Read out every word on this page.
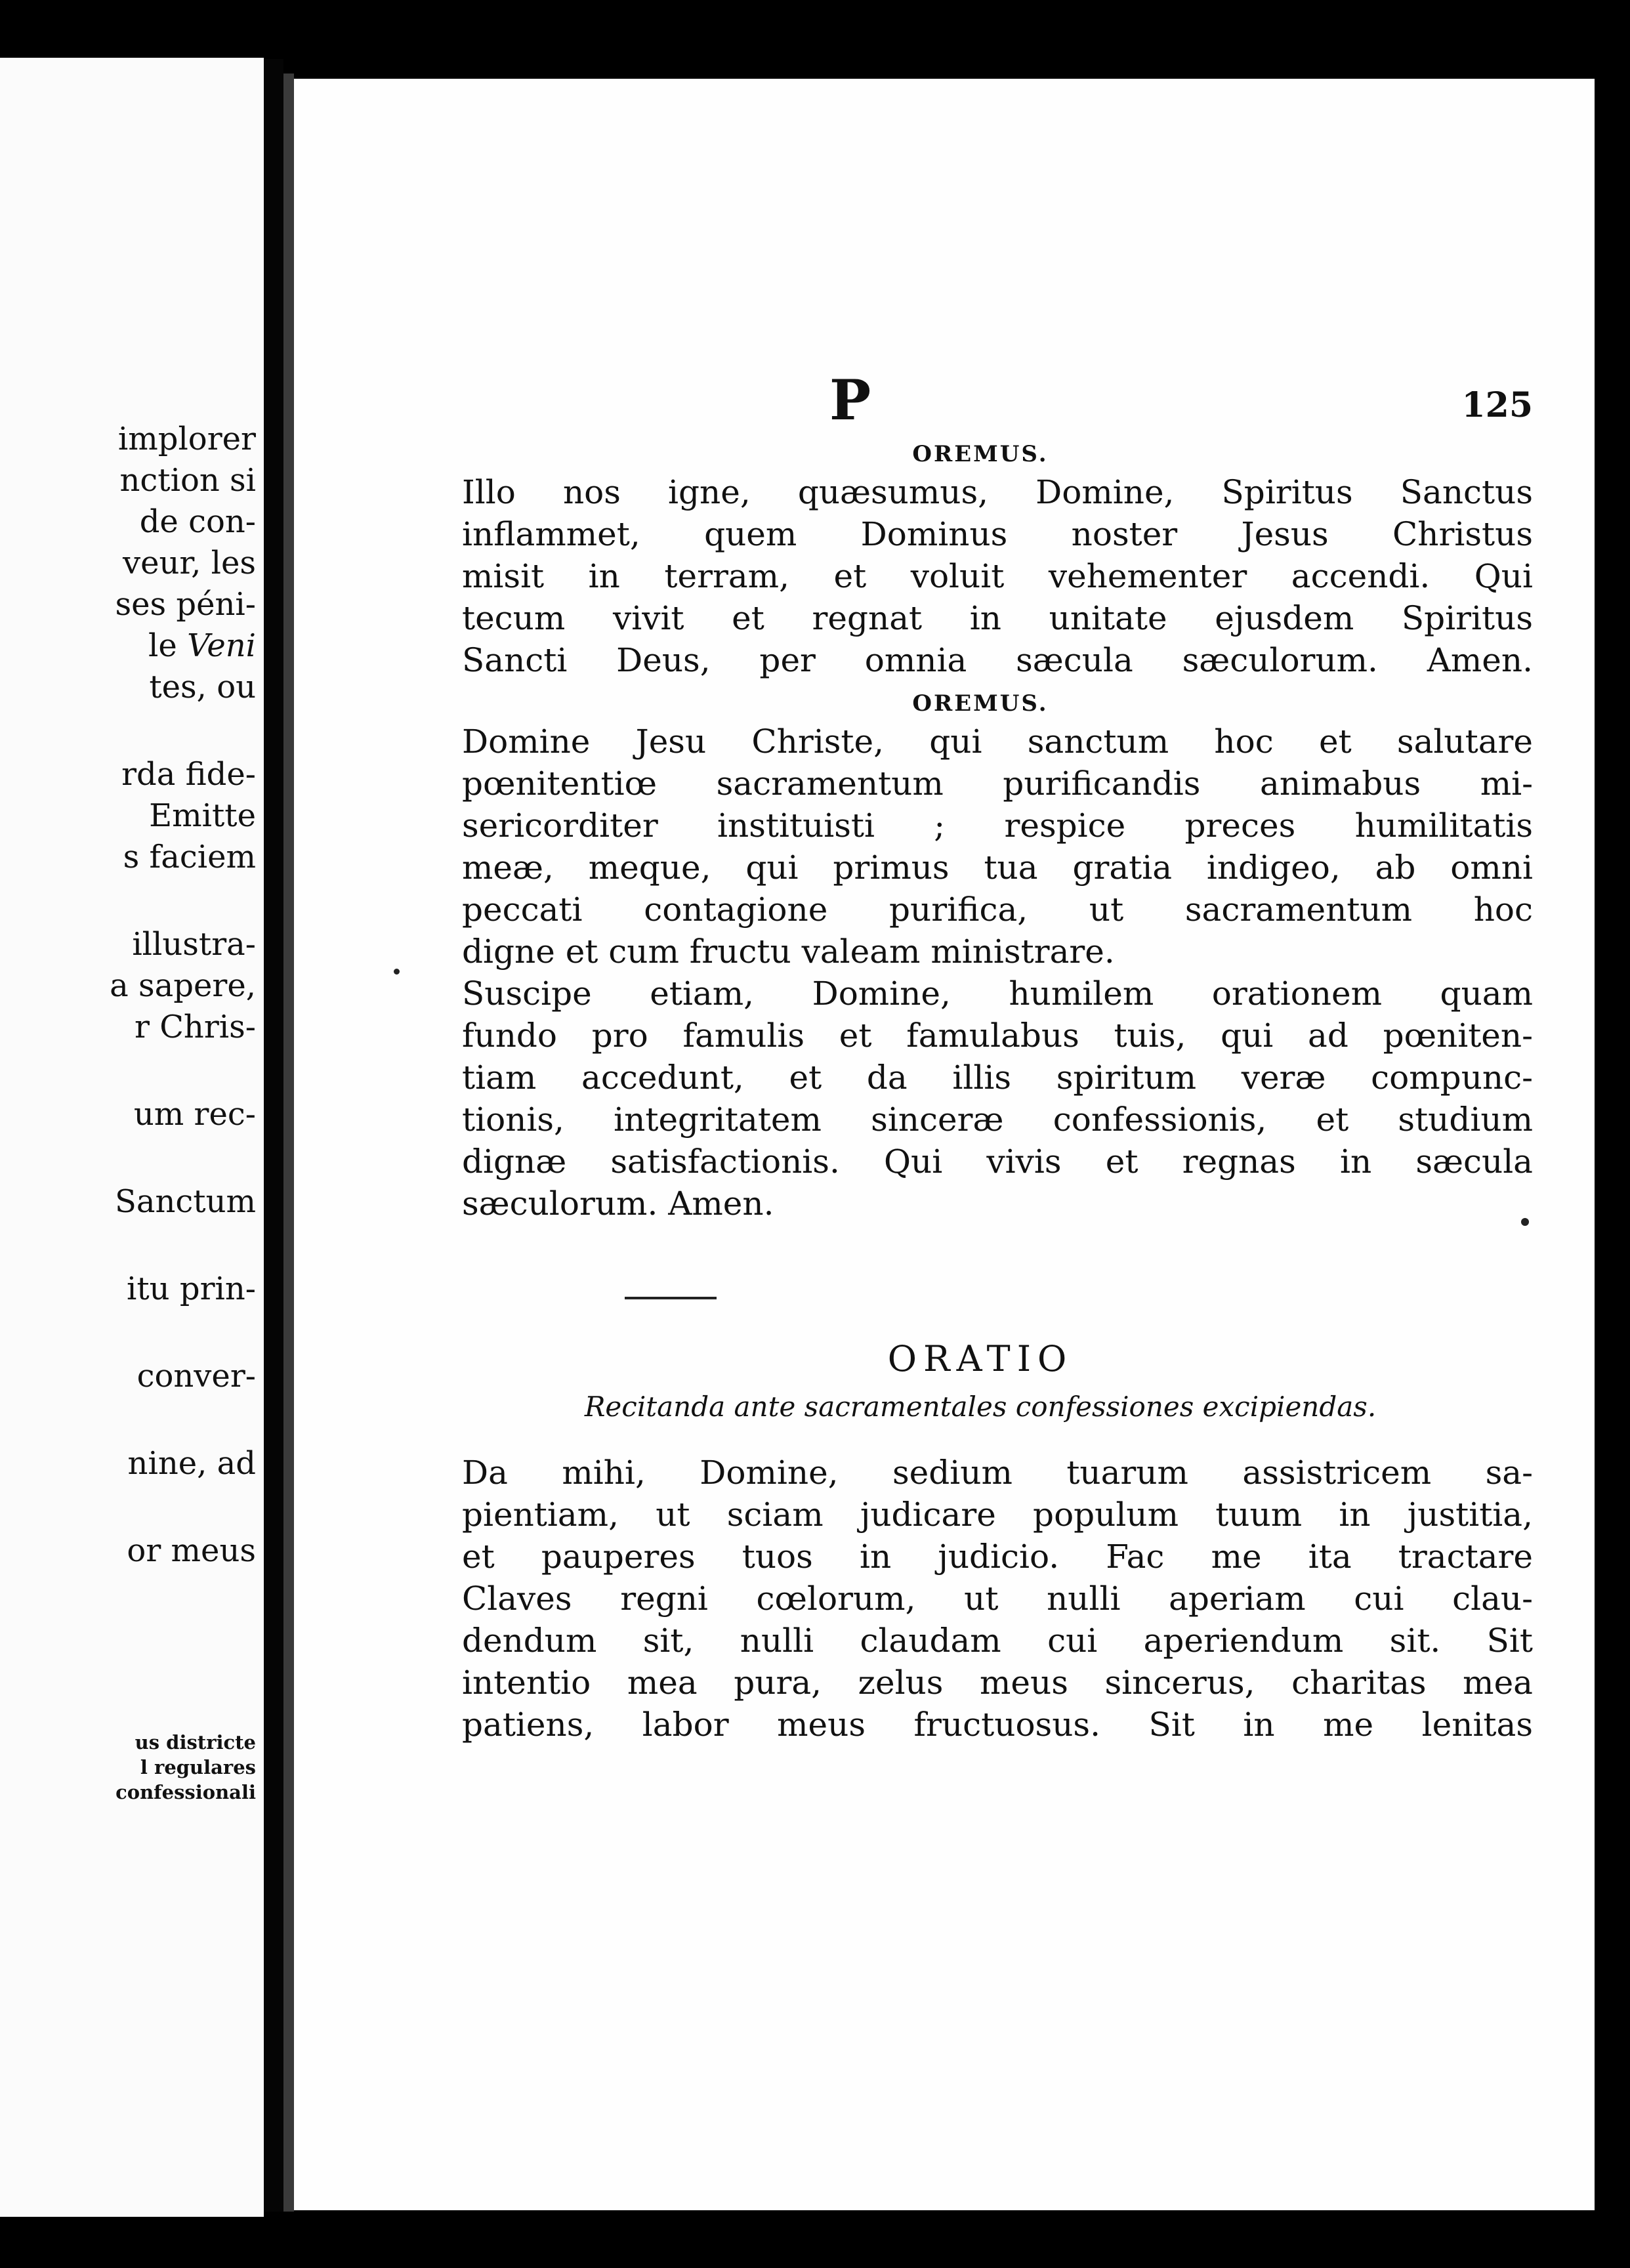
implorer
nction si
de con-
veur, les
ses péni-
le Veni
tes, ou
rda fide-
Emitte
s faciem
illustra-
a sapere,
r Chris-
um rec-
Sanctum
itu prin-
conver-
nine, ad
or meus
us districte
l regulares
confessionali
P	125
OREMUS.

Illo nos igne, quæsumus, Domine, Spiritus Sanctus
inflammet, quem Dominus noster Jesus Christus
misit in terram, et voluit vehementer accendi. Qui
tecum vivit et regnat in unitate ejusdem Spiritus
Sancti Deus, per omnia sæcula sæculorum. Amen.

OREMUS.

Domine Jesu Christe, qui sanctum hoc et salutare
pœnitentiœ sacramentum purificandis animabus mi-
sericorditer instituisti ; respice preces humilitatis
meæ, meque, qui primus tua gratia indigeo, ab omni
peccati contagione purifica, ut sacramentum hoc
digne et cum fructu valeam ministrare.

Suscipe etiam, Domine, humilem orationem quam
fundo pro famulis et famulabus tuis, qui ad pœniten-
tiam accedunt, et da illis spiritum veræ compunc-
tionis, integritatem sinceræ confessionis, et studium
dignæ satisfactionis. Qui vivis et regnas in sæcula
sæculorum. Amen.

ORATIO
Recitanda ante sacramentales confessiones excipiendas.

Da mihi, Domine, sedium tuarum assistricem sa-
pientiam, ut sciam judicare populum tuum in justitia,
et pauperes tuos in judicio. Fac me ita tractare
Claves regni cœlorum, ut nulli aperiam cui clau-
dendum sit, nulli claudam cui aperiendum sit. Sit
intentio mea pura, zelus meus sincerus, charitas mea
patiens, labor meus fructuosus. Sit in me lenitas
